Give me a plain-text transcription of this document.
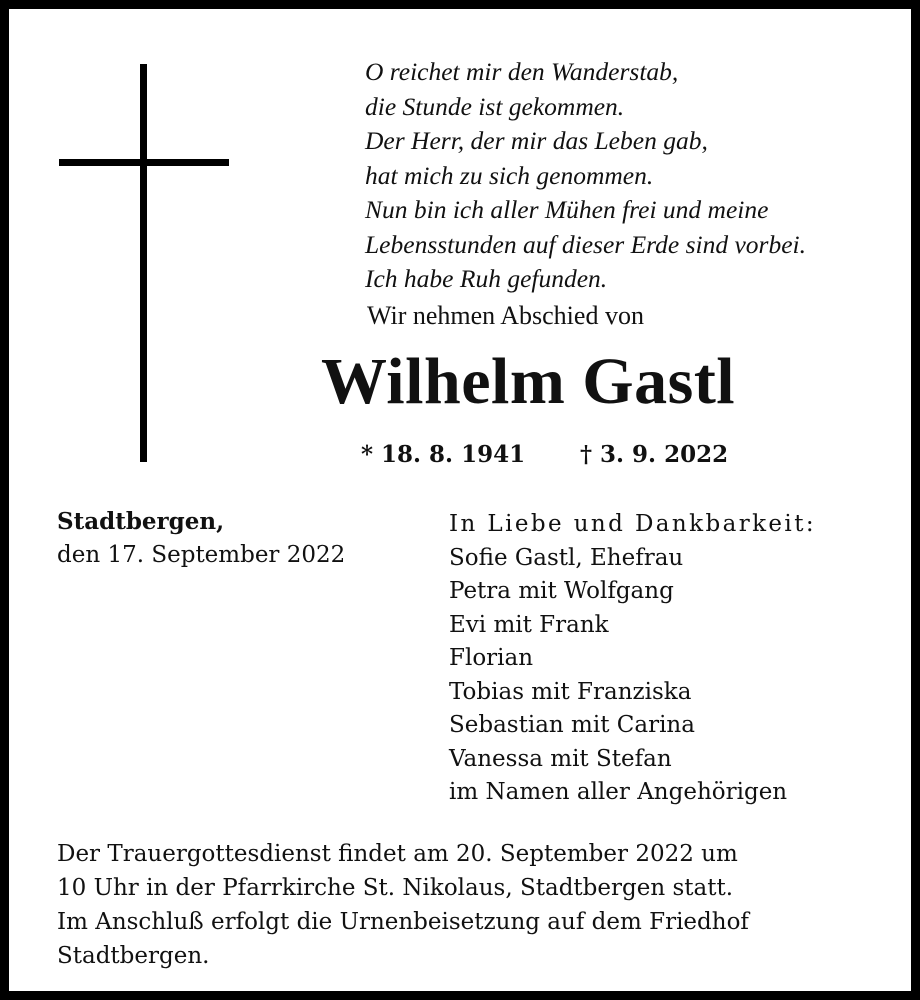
O reichet mir den Wanderstab,
die Stunde ist gekommen.
Der Herr, der mir das Leben gab,
hat mich zu sich genommen.
Nun bin ich aller Mühen frei und meine
Lebensstunden auf dieser Erde sind vorbei.
Ich habe Ruh gefunden.
Wir nehmen Abschied von
Wilhelm Gastl
* 18. 8. 1941 † 3. 9. 2022
Stadtbergen,
den 17. September 2022
In Liebe und Dankbarkeit:
Sofie Gastl, Ehefrau
Petra mit Wolfgang
Evi mit Frank
Florian
Tobias mit Franziska
Sebastian mit Carina
Vanessa mit Stefan
im Namen aller Angehörigen
Der Trauergottesdienst findet am 20. September 2022 um
10 Uhr in der Pfarrkirche St. Nikolaus, Stadtbergen statt.
Im Anschluß erfolgt die Urnenbeisetzung auf dem Friedhof
Stadtbergen.
